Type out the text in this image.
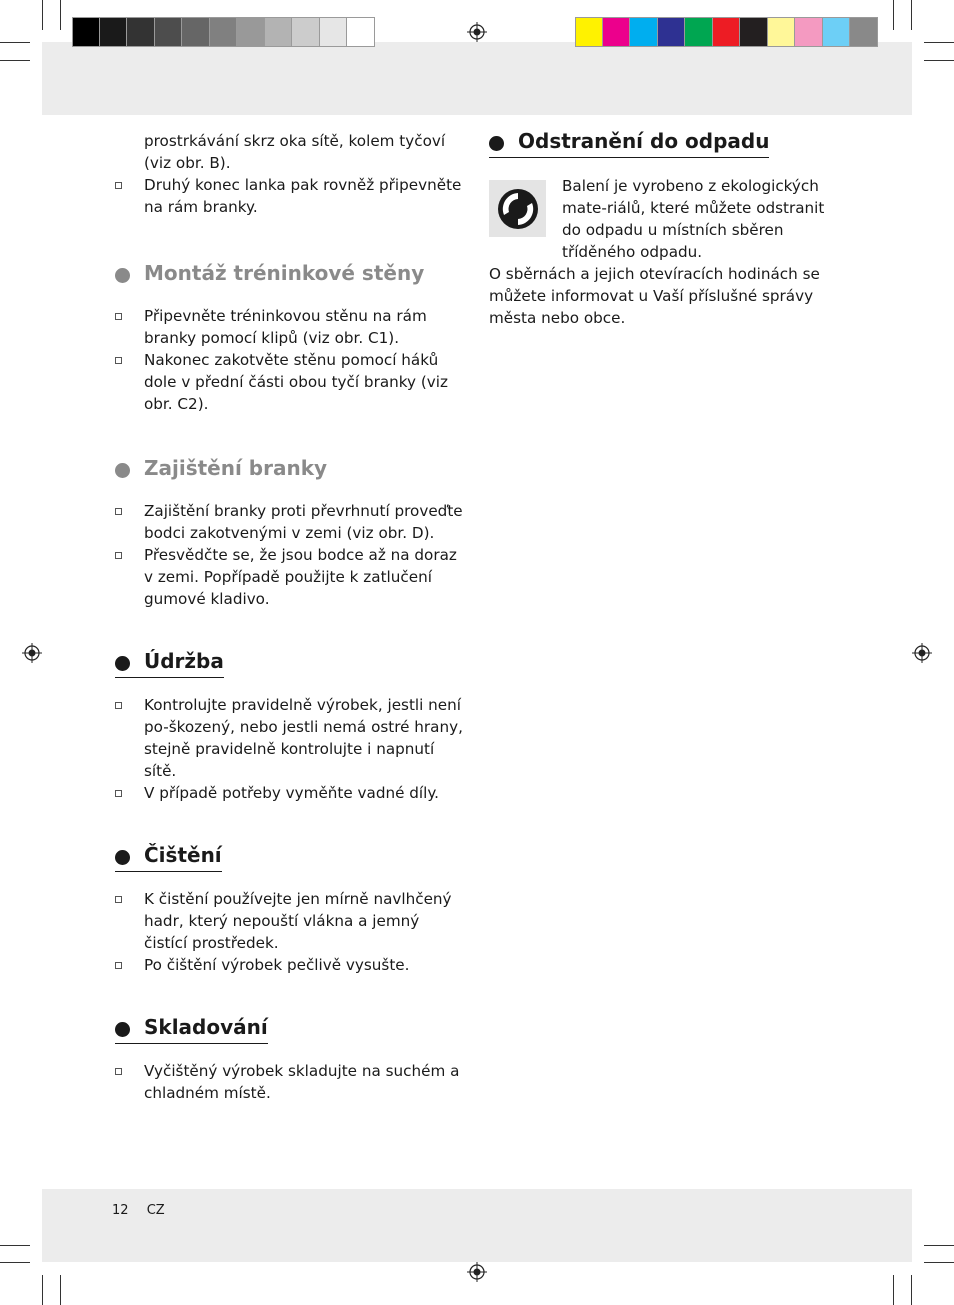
prostrkávání skrz oka sítě, kolem tyčoví (viz obr. B).

Druhý konec lanka pak rovněž připevněte na rám branky.
Montáž tréninkové stěny
Připevněte tréninkovou stěnu na rám branky pomocí klipů (viz obr. C1).
Nakonec zakotvěte stěnu pomocí háků dole v přední části obou tyčí branky (viz obr. C2).
Zajištění branky
Zajištění branky proti převrhnutí proveďte bodci zakotvenými v zemi (viz obr. D).
Přesvědčte se, že jsou bodce až na doraz v zemi. Popřípadě použijte k zatlučení gumové kladivo.
Údržba
Kontrolujte pravidelně výrobek, jestli není po-škozený, nebo jestli nemá ostré hrany, stejně pravidelně kontrolujte i napnutí sítě.
V případě potřeby vyměňte vadné díly.
Čištění
K čistění používejte jen mírně navlhčený hadr, který nepouští vlákna a jemný čistící prostředek.
Po čištění výrobek pečlivě vysušte.
Skladování
Vyčištěný výrobek skladujte na suchém a chladném místě.
Odstranění do odpadu

Balení je vyrobeno z ekologických mate-riálů, které můžete odstranit do odpadu u místních sběren tříděného odpadu.

O sběrnách a jejich otevíracích hodinách se můžete informovat u Vaší příslušné správy města nebo obce.

12 CZ
